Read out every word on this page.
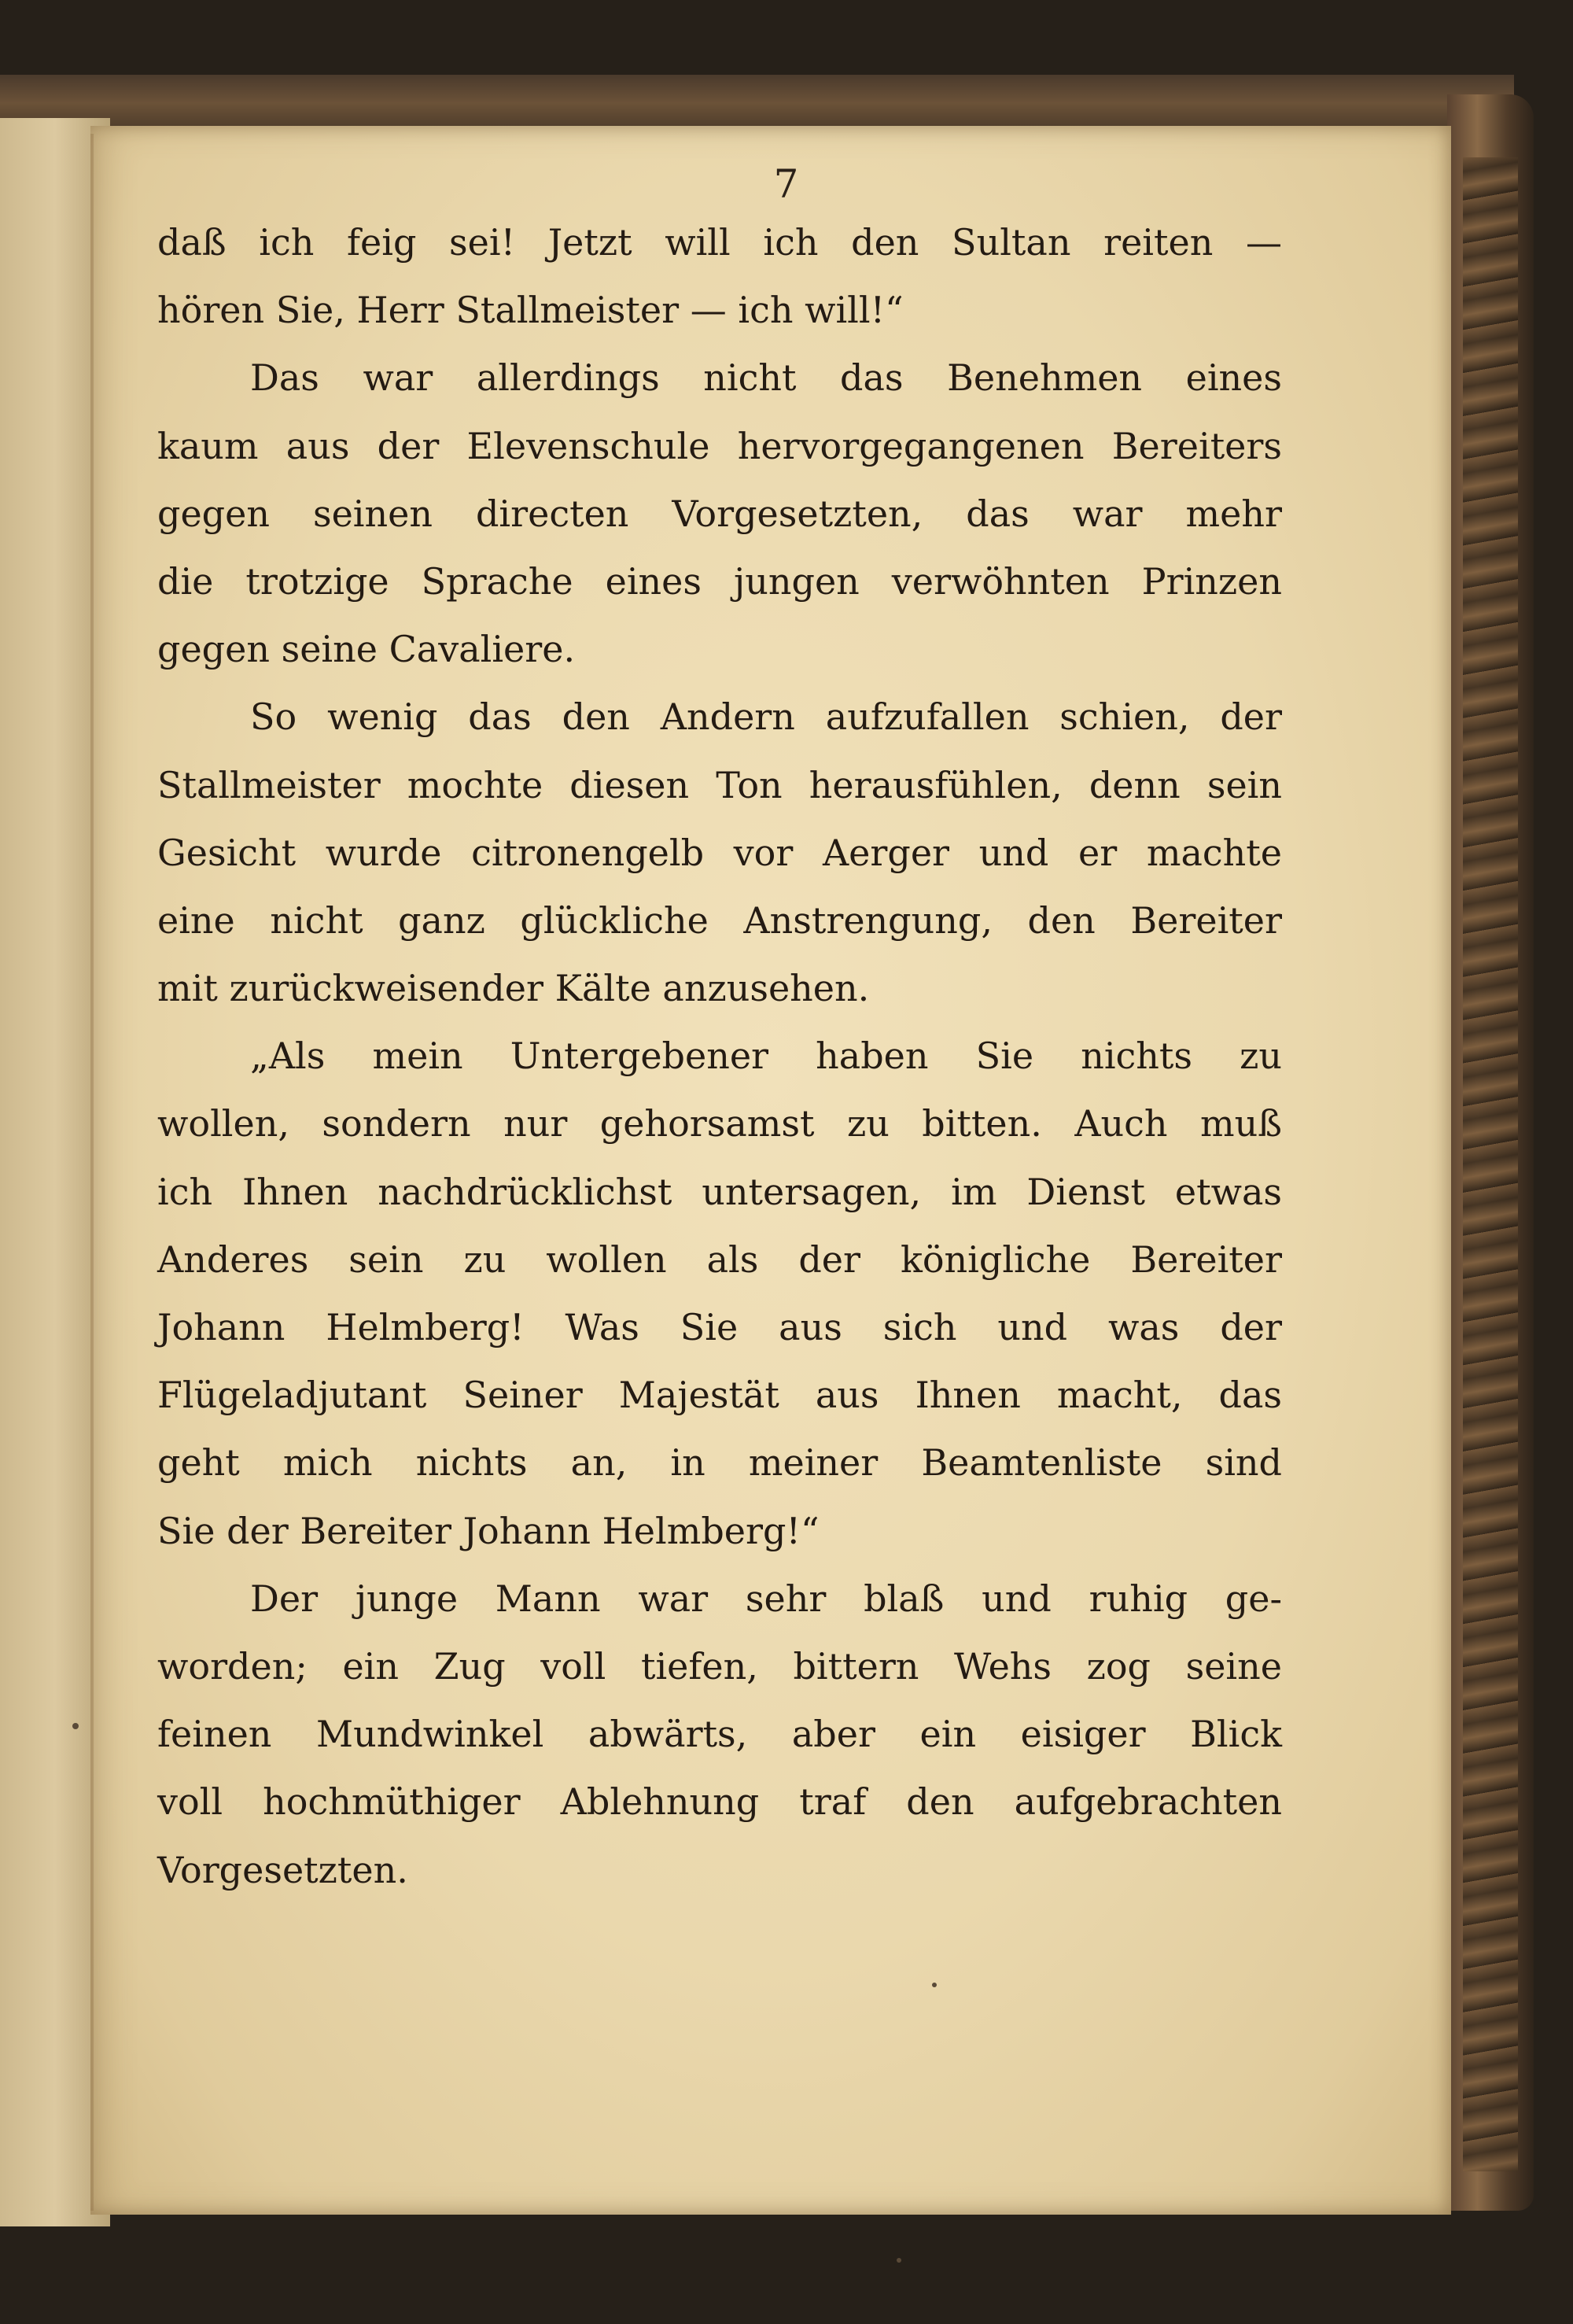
7
daß ich feig sei! Jetzt will ich den Sultan reiten —
hören Sie, Herr Stallmeister — ich will!“
Das war allerdings nicht das Benehmen eines
kaum aus der Elevenschule hervorgegangenen Bereiters
gegen seinen directen Vorgesetzten, das war mehr
die trotzige Sprache eines jungen verwöhnten Prinzen
gegen seine Cavaliere.
So wenig das den Andern aufzufallen schien, der
Stallmeister mochte diesen Ton herausfühlen, denn sein
Gesicht wurde citronengelb vor Aerger und er machte
eine nicht ganz glückliche Anstrengung, den Bereiter
mit zurückweisender Kälte anzusehen.
„Als mein Untergebener haben Sie nichts zu
wollen, sondern nur gehorsamst zu bitten. Auch muß
ich Ihnen nachdrücklichst untersagen, im Dienst etwas
Anderes sein zu wollen als der königliche Bereiter
Johann Helmberg! Was Sie aus sich und was der
Flügeladjutant Seiner Majestät aus Ihnen macht, das
geht mich nichts an, in meiner Beamtenliste sind
Sie der Bereiter Johann Helmberg!“
Der junge Mann war sehr blaß und ruhig ge-
worden; ein Zug voll tiefen, bittern Wehs zog seine
feinen Mundwinkel abwärts, aber ein eisiger Blick
voll hochmüthiger Ablehnung traf den aufgebrachten
Vorgesetzten.
